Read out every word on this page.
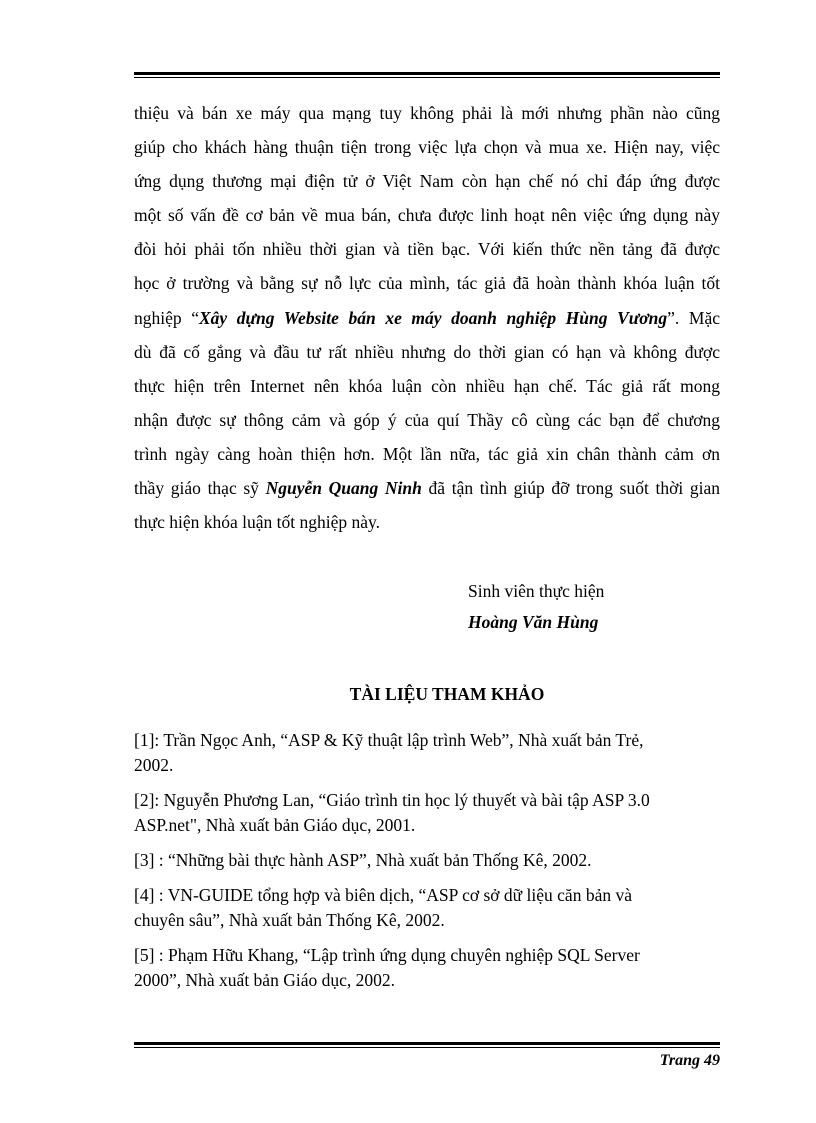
thiệu và bán xe máy qua mạng tuy không phải là mới nhưng phần nào cũng
giúp cho khách hàng thuận tiện trong việc lựa chọn và mua xe. Hiện nay, việc
ứng dụng thương mại điện tử ở Việt Nam còn hạn chế nó chỉ đáp ứng được
một số vấn đề cơ bản về mua bán, chưa được linh hoạt nên việc ứng dụng này
đòi hỏi phải tốn nhiều thời gian và tiền bạc. Với kiến thức nền tảng đã được
học ở trường và bằng sự nỗ lực của mình, tác giả đã hoàn thành khóa luận tốt
nghiệp “Xây dựng Website bán xe máy doanh nghiệp Hùng Vương”. Mặc
dù đã cố gắng và đầu tư rất nhiều nhưng do thời gian có hạn và không được
thực hiện trên Internet nên khóa luận còn nhiều hạn chế. Tác giả rất mong
nhận được sự thông cảm và góp ý của quí Thầy cô cùng các bạn để chương
trình ngày càng hoàn thiện hơn. Một lần nữa, tác giả xin chân thành cảm ơn
thầy giáo thạc sỹ Nguyễn Quang Ninh đã tận tình giúp đỡ trong suốt thời gian
thực hiện khóa luận tốt nghiệp này.
Sinh viên thực hiện
Hoàng Văn Hùng
TÀI LIỆU THAM KHẢO
[1]: Trần Ngọc Anh, “ASP & Kỹ thuật lập trình Web”, Nhà xuất bản Trẻ,
2002.
[2]: Nguyễn Phương Lan, “Giáo trình tin học lý thuyết và bài tập ASP 3.0
ASP.net", Nhà xuất bản Giáo dục, 2001.
[3] : “Những bài thực hành ASP”, Nhà xuất bản Thống Kê, 2002.
[4] : VN-GUIDE tổng hợp và biên dịch, “ASP cơ sở dữ liệu căn bản và
chuyên sâu”, Nhà xuất bản Thống Kê, 2002.
[5] : Phạm Hữu Khang, “Lập trình ứng dụng chuyên nghiệp SQL Server
2000”, Nhà xuất bản Giáo dục, 2002.
Trang 49
